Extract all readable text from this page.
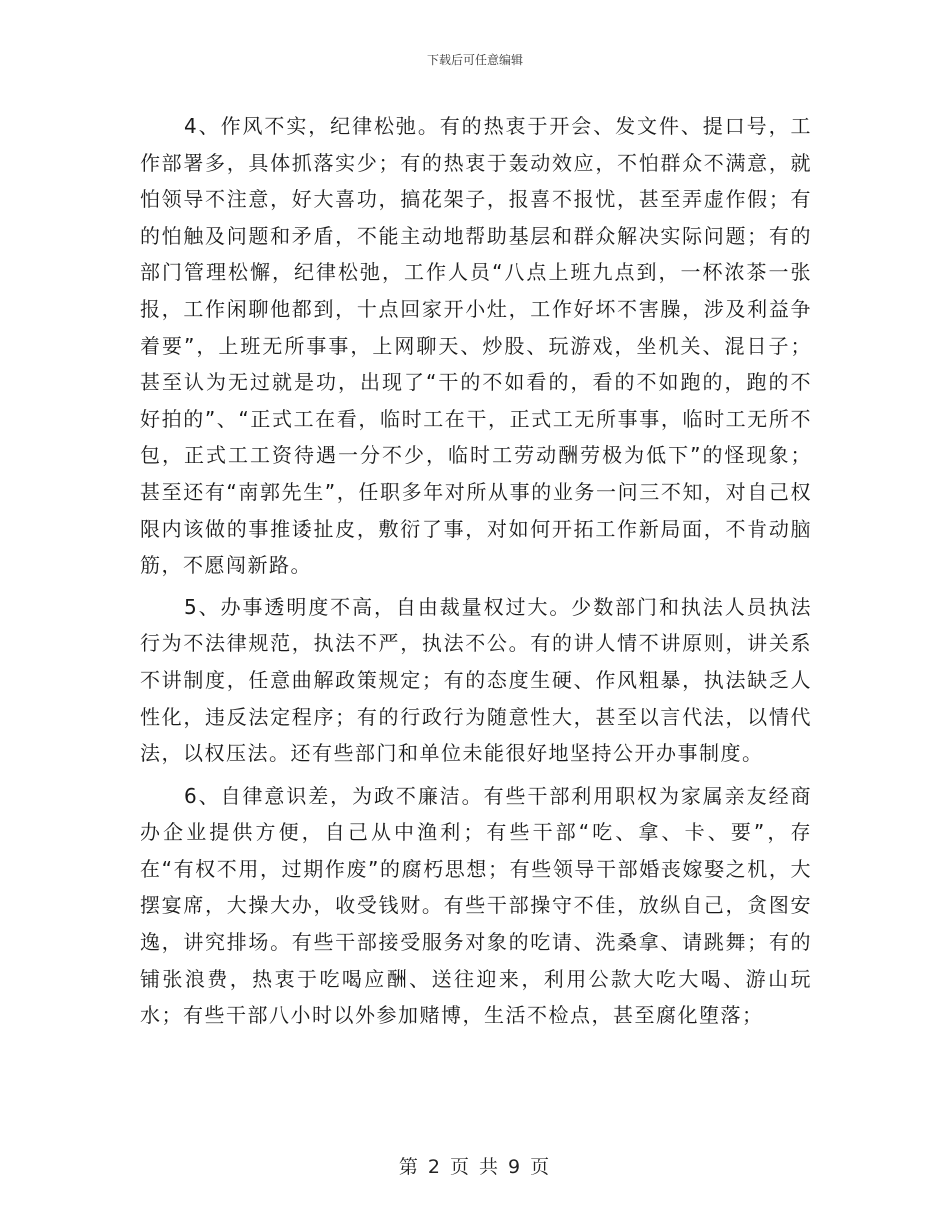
下载后可任意编辑

4、作风不实，纪律松弛。有的热衷于开会、发文件、提口号，工作部署多，具体抓落实少；有的热衷于轰动效应，不怕群众不满意，就怕领导不注意，好大喜功，搞花架子，报喜不报忧，甚至弄虚作假；有的怕触及问题和矛盾，不能主动地帮助基层和群众解决实际问题；有的部门管理松懈，纪律松弛，工作人员“八点上班九点到，一杯浓茶一张报，工作闲聊他都到，十点回家开小灶，工作好坏不害臊，涉及利益争着要”，上班无所事事，上网聊天、炒股、玩游戏，坐机关、混日子；甚至认为无过就是功，出现了“干的不如看的，看的不如跑的，跑的不好拍的”、“正式工在看，临时工在干，正式工无所事事，临时工无所不包，正式工工资待遇一分不少，临时工劳动酬劳极为低下”的怪现象；甚至还有“南郭先生”，任职多年对所从事的业务一问三不知，对自己权限内该做的事推诿扯皮，敷衍了事，对如何开拓工作新局面，不肯动脑筋，不愿闯新路。

5、办事透明度不高，自由裁量权过大。少数部门和执法人员执法行为不法律规范，执法不严，执法不公。有的讲人情不讲原则，讲关系不讲制度，任意曲解政策规定；有的态度生硬、作风粗暴，执法缺乏人性化，违反法定程序；有的行政行为随意性大，甚至以言代法，以情代法，以权压法。还有些部门和单位未能很好地坚持公开办事制度。

6、自律意识差，为政不廉洁。有些干部利用职权为家属亲友经商办企业提供方便，自己从中渔利；有些干部“吃、拿、卡、要”，存在“有权不用，过期作废”的腐朽思想；有些领导干部婚丧嫁娶之机，大摆宴席，大操大办，收受钱财。有些干部操守不佳，放纵自己，贪图安逸，讲究排场。有些干部接受服务对象的吃请、洗桑拿、请跳舞；有的铺张浪费，热衷于吃喝应酬、送往迎来，利用公款大吃大喝、游山玩水；有些干部八小时以外参加赌博，生活不检点，甚至腐化堕落；

第 2 页 共 9 页
